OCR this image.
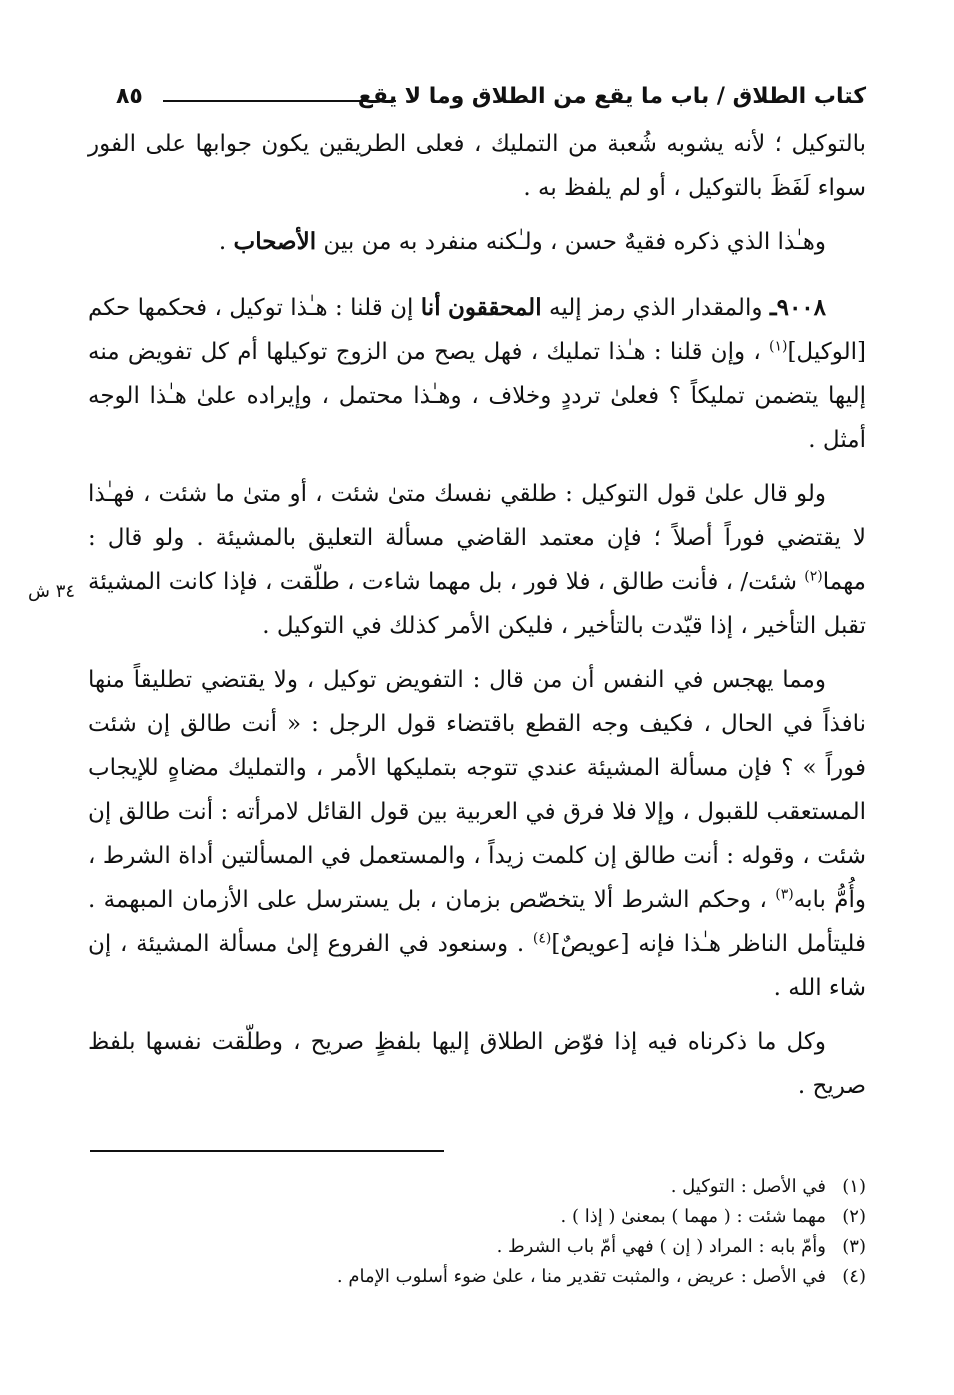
كتاب الطلاق / باب ما يقع من الطلاق وما لا يقع
٨٥

بالتوكيل ؛ لأنه يشوبه شُعبة من التمليك ، فعلى الطريقين يكون جوابها على الفور سواء لَفَظَ بالتوكيل ، أو لم يلفظ به .

وهـٰذا الذي ذكره فقيهٌ حسن ، ولـٰكنه منفرد به من بين الأصحاب .

٩٠٠٨ـ والمقدار الذي رمز إليه المحققون أنا إن قلنا : هـٰذا توكيل ، فحكمها حكم [الوكيل]$^{(١)}$ ، وإن قلنا : هـٰذا تمليك ، فهل يصح من الزوج توكيلها أم كل تفويض منه إليها يتضمن تمليكاً ؟ فعلىٰ ترددٍ وخلاف ، وهـٰذا محتمل ، وإيراده علىٰ هـٰذا الوجه أمثل .

ولو قال علىٰ قول التوكيل : طلقي نفسك متىٰ شئت ، أو متىٰ ما شئت ، فهـٰذا لا يقتضي فوراً أصلاً ؛ فإن معتمد القاضي مسألة التعليق بالمشيئة . ولو قال : مهما$^{(٢)}$ شئت/ ، فأنت طالق ، فلا فور ، بل مهما شاءت ، طلّقت ، فإذا كانت المشيئة تقبل التأخير ، إذا قيّدت بالتأخير ، فليكن الأمر كذلك في التوكيل .
٣٤ ش

ومما يهجس في النفس أن من قال : التفويض توكيل ، ولا يقتضي تطليقاً منها نافذاً في الحال ، فكيف وجه القطع باقتضاء قول الرجل : « أنت طالق إن شئت فوراً » ؟ فإن مسألة المشيئة عندي تتوجه بتمليكها الأمر ، والتمليك مضاهٍ للإيجاب المستعقب للقبول ، وإلا فلا فرق في العربية بين قول القائل لامرأته : أنت طالق إن شئت ، وقوله : أنت طالق إن كلمت زيداً ، والمستعمل في المسألتين أداة الشرط ، وأُمُّ بابه$^{(٣)}$ ، وحكم الشرط ألا يتخصّص بزمان ، بل يسترسل على الأزمان المبهمة . فليتأمل الناظر هـٰذا فإنه [عويصٌ]$^{(٤)}$ . وسنعود في الفروع إلىٰ مسألة المشيئة ، إن شاء الله .

وكل ما ذكرناه فيه إذا فوّض الطلاق إليها بلفظٍ صريح ، وطلّقت نفسها بلفظ صريح .

(١)في الأصل : التوكيل .
(٢)مهما شئت : ( مهما ) بمعنىٰ ( إذا ) .
(٣)وأمّ بابه : المراد ( إن ) فهي أمّ باب الشرط .
(٤)في الأصل : عريض ، والمثبت تقدير منا ، علىٰ ضوء أسلوب الإمام .
